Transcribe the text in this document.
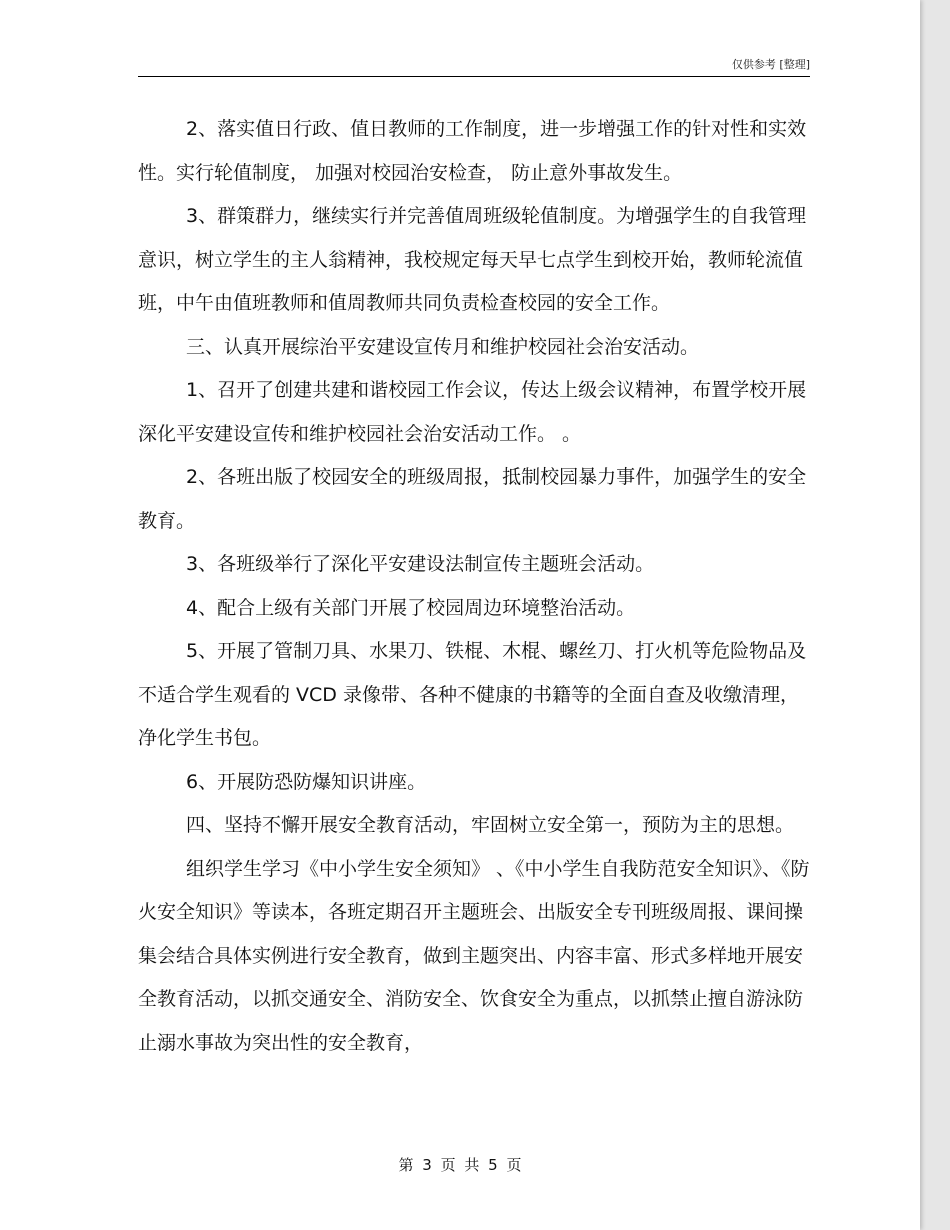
仅供参考 [整理]

2、落实值日行政、值日教师的工作制度，进一步增强工作的针对性和实效性。实行轮值制度， 加强对校园治安检查， 防止意外事故发生。

3、群策群力，继续实行并完善值周班级轮值制度。为增强学生的自我管理意识，树立学生的主人翁精神，我校规定每天早七点学生到校开始，教师轮流值班，中午由值班教师和值周教师共同负责检查校园的安全工作。

三、认真开展综治平安建设宣传月和维护校园社会治安活动。

1、召开了创建共建和谐校园工作会议，传达上级会议精神，布置学校开展深化平安建设宣传和维护校园社会治安活动工作。 。

2、各班出版了校园安全的班级周报，抵制校园暴力事件，加强学生的安全教育。

3、各班级举行了深化平安建设法制宣传主题班会活动。

4、配合上级有关部门开展了校园周边环境整治活动。

5、开展了管制刀具、水果刀、铁棍、木棍、螺丝刀、打火机等危险物品及不适合学生观看的 VCD 录像带、各种不健康的书籍等的全面自查及收缴清理，净化学生书包。

6、开展防恐防爆知识讲座。

四、坚持不懈开展安全教育活动，牢固树立安全第一，预防为主的思想。

组织学生学习《中小学生安全须知》 、《中小学生自我防范安全知识》、《防火安全知识》等读本，各班定期召开主题班会、出版安全专刊班级周报、课间操集会结合具体实例进行安全教育，做到主题突出、内容丰富、形式多样地开展安全教育活动，以抓交通安全、消防安全、饮食安全为重点，以抓禁止擅自游泳防止溺水事故为突出性的安全教育，

第 3 页 共 5 页
